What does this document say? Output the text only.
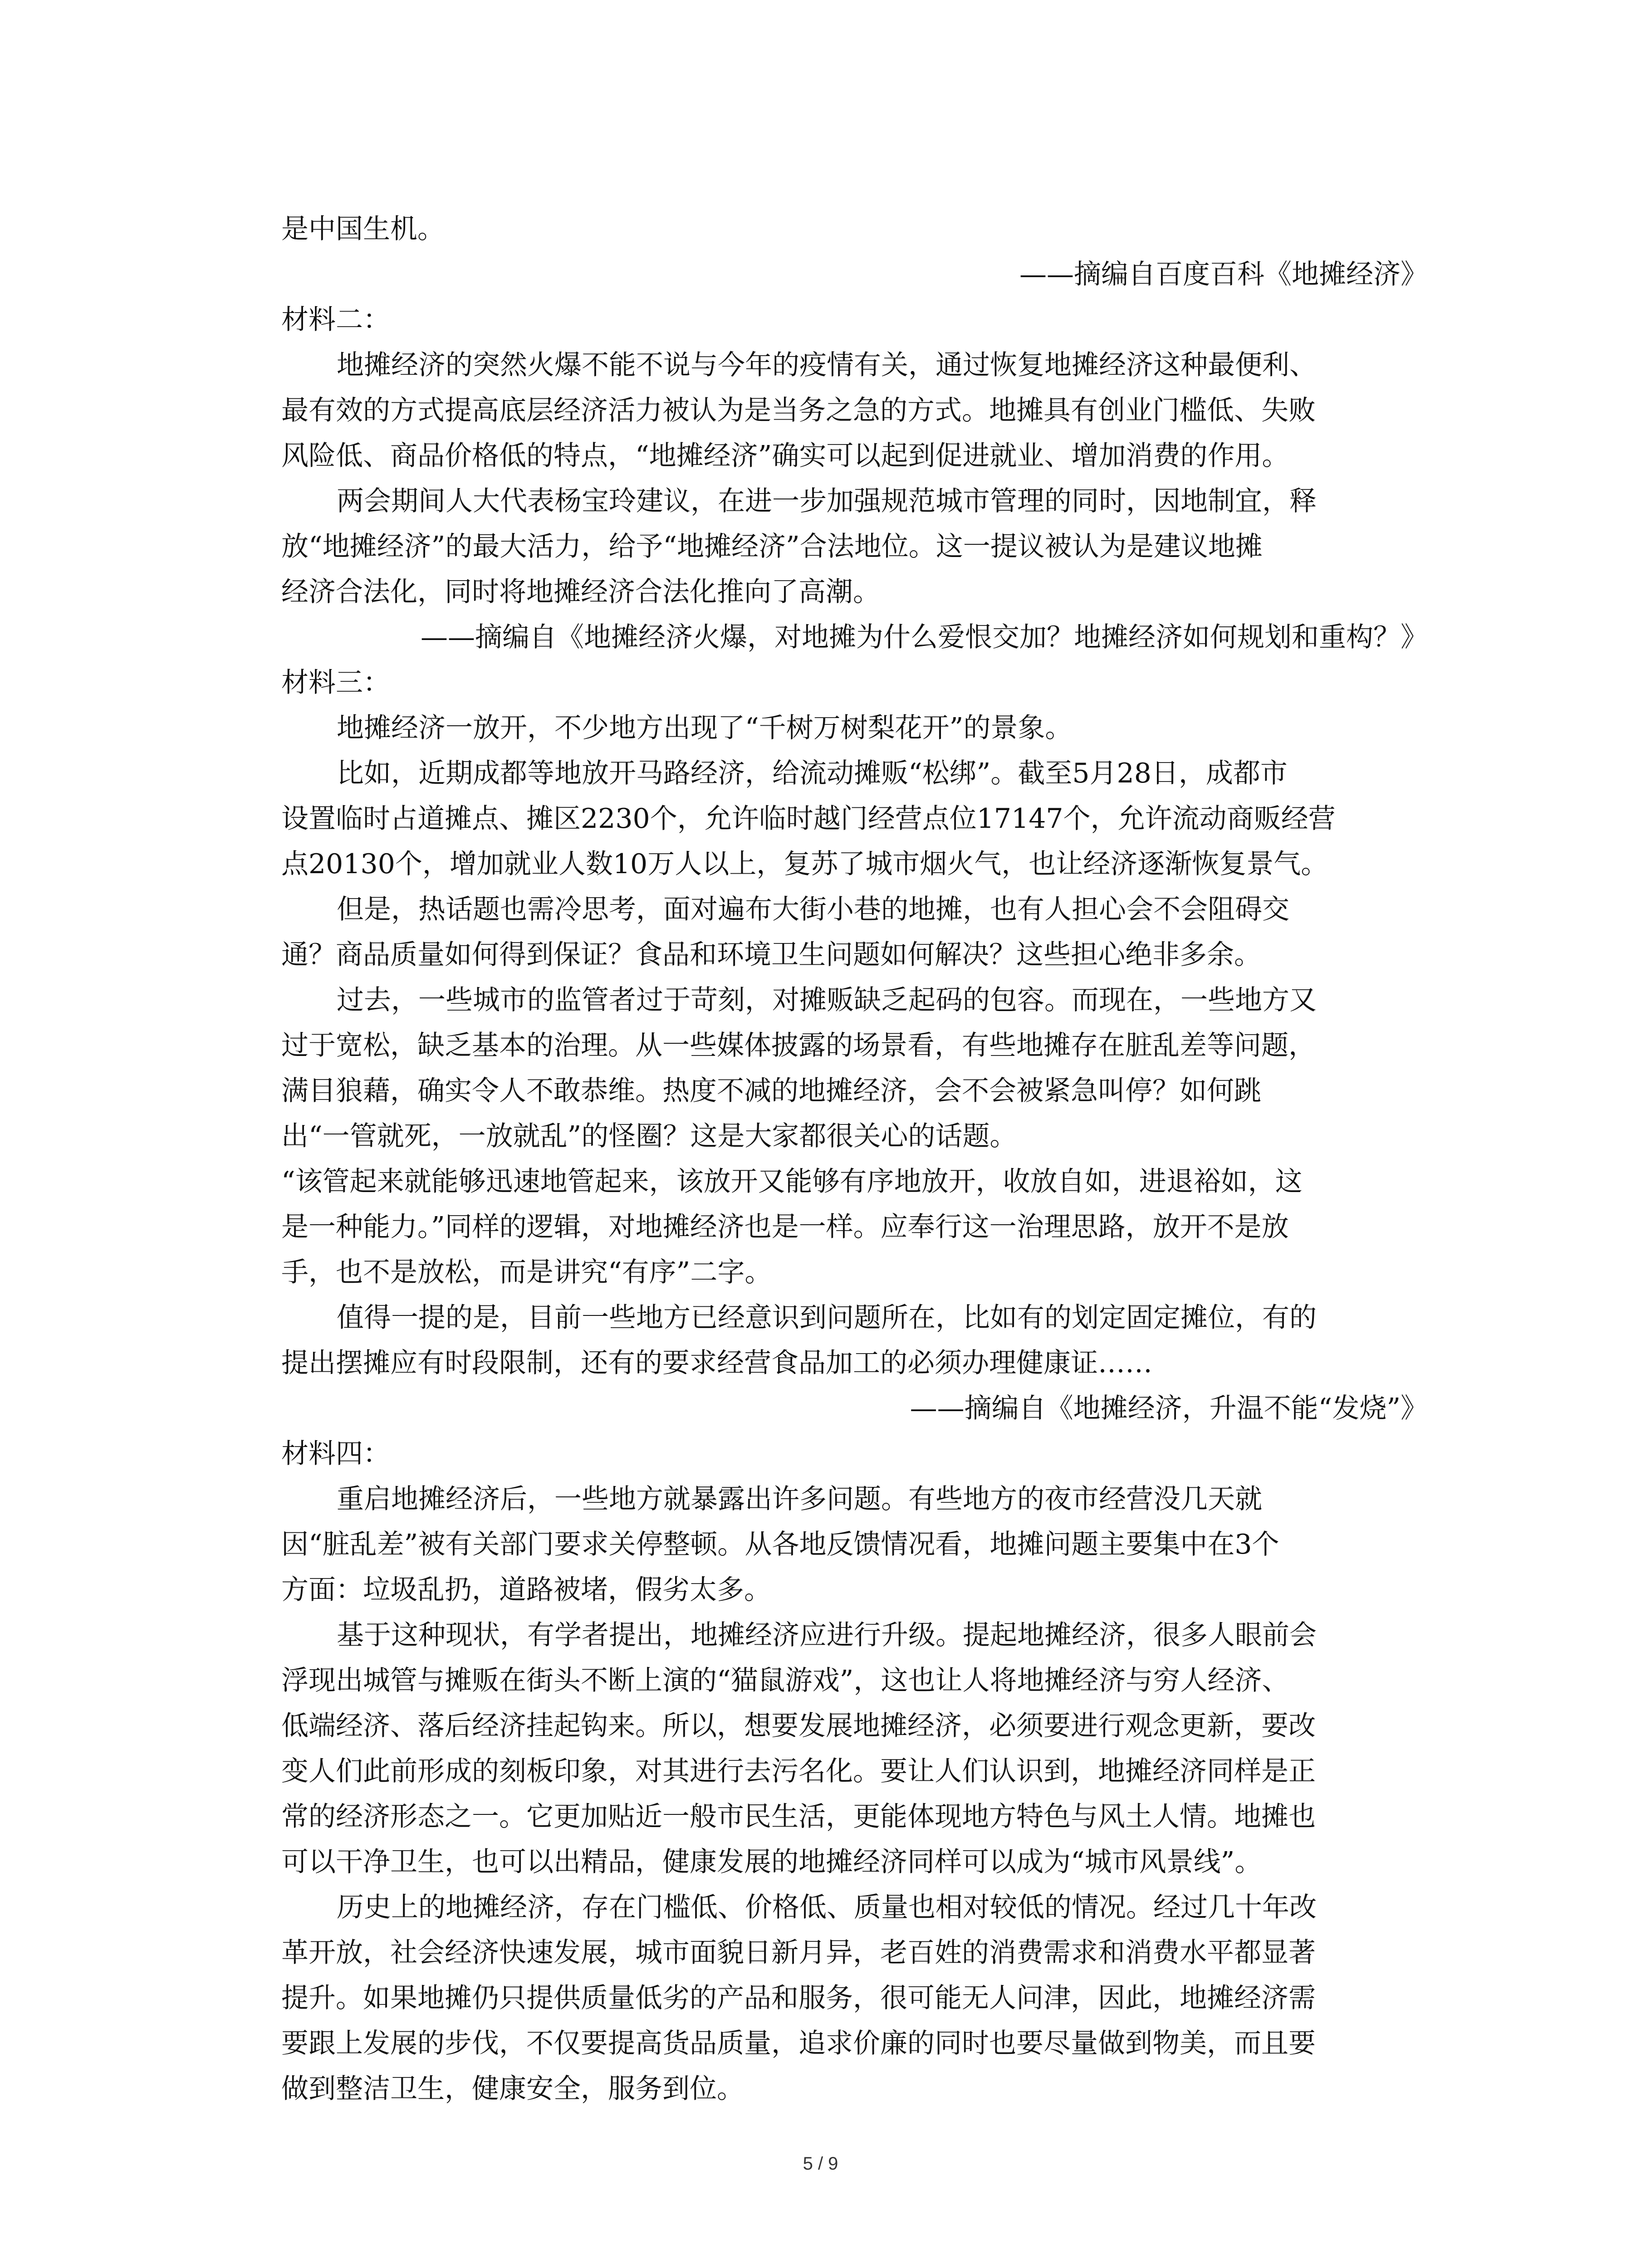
是中国生机。

——摘编自百度百科《地摊经济》

材料二：

地摊经济的突然火爆不能不说与今年的疫情有关，通过恢复地摊经济这种最便利、

最有效的方式提高底层经济活力被认为是当务之急的方式。地摊具有创业门槛低、失败

风险低、商品价格低的特点，“地摊经济”确实可以起到促进就业、增加消费的作用。

两会期间人大代表杨宝玲建议，在进一步加强规范城市管理的同时，因地制宜，释

放“地摊经济”的最大活力，给予“地摊经济”合法地位。这一提议被认为是建议地摊

经济合法化，同时将地摊经济合法化推向了高潮。

——摘编自《地摊经济火爆，对地摊为什么爱恨交加？地摊经济如何规划和重构？》

材料三：

地摊经济一放开，不少地方出现了“千树万树梨花开”的景象。

比如，近期成都等地放开马路经济，给流动摊贩“松绑”。截至5月28日，成都市

设置临时占道摊点、摊区2230个，允许临时越门经营点位17147个，允许流动商贩经营

点20130个，增加就业人数10万人以上，复苏了城市烟火气，也让经济逐渐恢复景气。

但是，热话题也需冷思考，面对遍布大街小巷的地摊，也有人担心会不会阻碍交

通？商品质量如何得到保证？食品和环境卫生问题如何解决？这些担心绝非多余。

过去，一些城市的监管者过于苛刻，对摊贩缺乏起码的包容。而现在，一些地方又

过于宽松，缺乏基本的治理。从一些媒体披露的场景看，有些地摊存在脏乱差等问题，

满目狼藉，确实令人不敢恭维。热度不减的地摊经济，会不会被紧急叫停？如何跳

出“一管就死，一放就乱”的怪圈？这是大家都很关心的话题。

“该管起来就能够迅速地管起来，该放开又能够有序地放开，收放自如，进退裕如，这

是一种能力。”同样的逻辑，对地摊经济也是一样。应奉行这一治理思路，放开不是放

手，也不是放松，而是讲究“有序”二字。

值得一提的是，目前一些地方已经意识到问题所在，比如有的划定固定摊位，有的

提出摆摊应有时段限制，还有的要求经营食品加工的必须办理健康证……

——摘编自《地摊经济，升温不能“发烧”》

材料四：

重启地摊经济后，一些地方就暴露出许多问题。有些地方的夜市经营没几天就

因“脏乱差”被有关部门要求关停整顿。从各地反馈情况看，地摊问题主要集中在3个

方面：垃圾乱扔，道路被堵，假劣太多。

基于这种现状，有学者提出，地摊经济应进行升级。提起地摊经济，很多人眼前会

浮现出城管与摊贩在街头不断上演的“猫鼠游戏”，这也让人将地摊经济与穷人经济、

低端经济、落后经济挂起钩来。所以，想要发展地摊经济，必须要进行观念更新，要改

变人们此前形成的刻板印象，对其进行去污名化。要让人们认识到，地摊经济同样是正

常的经济形态之一。它更加贴近一般市民生活，更能体现地方特色与风土人情。地摊也

可以干净卫生，也可以出精品，健康发展的地摊经济同样可以成为“城市风景线”。

历史上的地摊经济，存在门槛低、价格低、质量也相对较低的情况。经过几十年改

革开放，社会经济快速发展，城市面貌日新月异，老百姓的消费需求和消费水平都显著

提升。如果地摊仍只提供质量低劣的产品和服务，很可能无人问津，因此，地摊经济需

要跟上发展的步伐，不仅要提高货品质量，追求价廉的同时也要尽量做到物美，而且要

做到整洁卫生，健康安全，服务到位。

5 / 9
